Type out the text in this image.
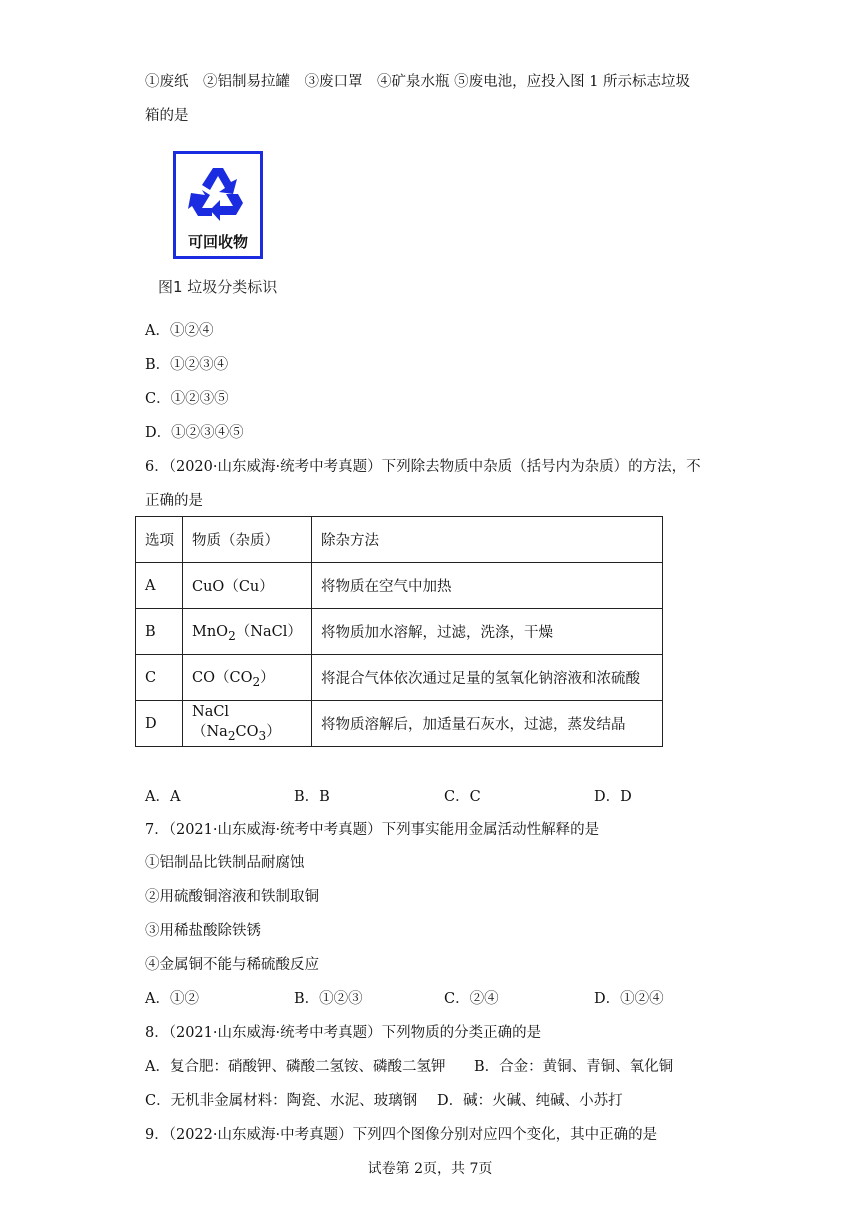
①废纸　②铝制易拉罐　③废口罩　④矿泉水瓶 ⑤废电池，应投入图 1 所示标志垃圾
箱的是
可回收物
图1 垃圾分类标识
A．①②④
B．①②③④
C．①②③⑤
D．①②③④⑤
6．（2020·山东威海·统考中考真题）下列除去物质中杂质（括号内为杂质）的方法，不
正确的是
选项	物质（杂质）	除杂方法
A	CuO（Cu）	将物质在空气中加热
B	MnO$_2$（NaCl）	将物质加水溶解，过滤，洗涤，干燥
C	$CO(CO_2)$	将混合气体依次通过足量的氢氧化钠溶液和浓硫酸
D	$NaCl(Na_2CO_3)$	将物质溶解后，加适量石灰水，过滤，蒸发结晶
A．A	B．B	C．C	D．D
7．（2021·山东威海·统考中考真题）下列事实能用金属活动性解释的是
①铝制品比铁制品耐腐蚀
②用硫酸铜溶液和铁制取铜
③用稀盐酸除铁锈
④金属铜不能与稀硫酸反应
A．①②	B．①②③	C．②④	D．①②④
8．（2021·山东威海·统考中考真题）下列物质的分类正确的是
A．复合肥：硝酸钾、磷酸二氢铵、磷酸二氢钾 B．合金：黄铜、青铜、氧化铜
C．无机非金属材料：陶瓷、水泥、玻璃钢 D．碱：火碱、纯碱、小苏打
9．（2022·山东威海·中考真题）下列四个图像分别对应四个变化，其中正确的是
试卷第 2页，共 7页
